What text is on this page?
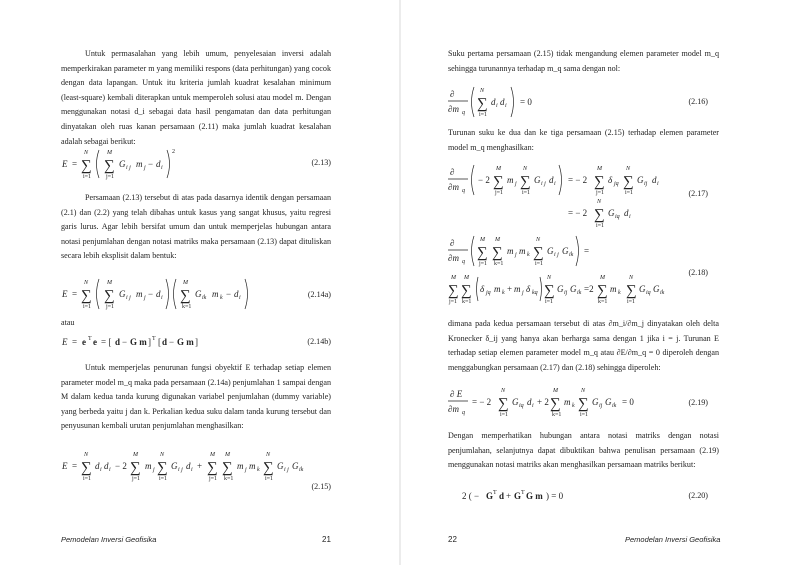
Untuk permasalahan yang lebih umum, penyelesaian inversi adalah memperkirakan parameter m yang memiliki respons (data perhitungan) yang cocok dengan data lapangan. Untuk itu kriteria jumlah kuadrat kesalahan minimum (least-square) kembali diterapkan untuk memperoleh solusi atau model m. Dengan menggunakan notasi d_i sebagai data hasil pengamatan dan data perhitungan dinyatakan oleh ruas kanan persamaan (2.11) maka jumlah kuadrat kesalahan adalah sebagai berikut:
E =
N
∑
i=1
M
∑
j=1
G i j m j − d i
2
(2.13)
Persamaan (2.13) tersebut di atas pada dasarnya identik dengan persamaan (2.1) dan (2.2) yang telah dibahas untuk kasus yang sangat khusus, yaitu regresi garis lurus. Agar lebih bersifat umum dan untuk memperjelas hubungan antara notasi penjumlahan dengan notasi matriks maka persamaan (2.13) dapat dituliskan secara lebih eksplisit dalam bentuk:
E =
N
∑
i=1
M
∑
j=1
G i j m j − d i
M
∑
k=1
G ik m k − d i	(2.14a)
atau
E = e T e = [ d − G m ] T [ d − G m ]	(2.14b)
Untuk memperjelas penurunan fungsi obyektif E terhadap setiap elemen parameter model m_q maka pada persamaan (2.14a) penjumlahan 1 sampai dengan M dalam kedua tanda kurung digunakan variabel penjumlahan (dummy variable) yang berbeda yaitu j dan k. Perkalian kedua suku dalam tanda kurung tersebut dan penyusunan kembali urutan penjumlahan menghasilkan:
E =
N
∑
i=1
d i d i − 2
M
∑
j=1
m j
N
∑
i=1
G i j d i +
M
∑
j=1
M
∑
k=1
m j m k
N
∑
i=1
G i j G ik
(2.15)
Pemodelan Inversi Geofisika	21
Suku pertama persamaan (2.15) tidak mengandung elemen parameter model m_q sehingga turunannya terhadap m_q sama dengan nol:
∂
∂m q
N
∑
i=1
d i d i = 0	(2.16)
Turunan suku ke dua dan ke tiga persamaan (2.15) terhadap elemen parameter model m_q menghasilkan:
∂
∂m q
− 2
M
∑
j=1
m j
N
∑
i=1
G i j d i = − 2
M
∑
j=1
δ jq
N
∑
i=1
G ij d i
= − 2
N
∑
i=1
G iq d i
(2.17)
∂
∂m q
M
∑
j=1
M
∑
k=1
m j m k
N
∑
i=1
G i j G ik =
M
∑
j=1
M
∑
k=1
δ jq m k + m j δ kq
N
∑
i=1
G ij G ik =2
M
∑
k=1
m k
N
∑
i=1
G iq G ik
(2.18)
dimana pada kedua persamaan tersebut di atas ∂m_i/∂m_j dinyatakan oleh delta Kronecker δ_ij yang hanya akan berharga sama dengan 1 jika i = j. Turunan E terhadap setiap elemen parameter model m_q atau ∂E/∂m_q = 0 diperoleh dengan menggabungkan persamaan (2.17) dan (2.18) sehingga diperoleh:
∂ E
∂m q
= − 2
N
∑
i=1
G iq d i + 2
M
∑
k=1
m k
N
∑
i=1
G ij G ik = 0	(2.19)
Dengan memperhatikan hubungan antara notasi matriks dengan notasi penjumlahan, selanjutnya dapat dibuktikan bahwa penulisan persamaan (2.19) menggunakan notasi matriks akan menghasilkan persamaan matriks berikut:
2 ( − G T d + G T G m ) = 0	(2.20)
Pemodelan Inversi Geofisika
22
